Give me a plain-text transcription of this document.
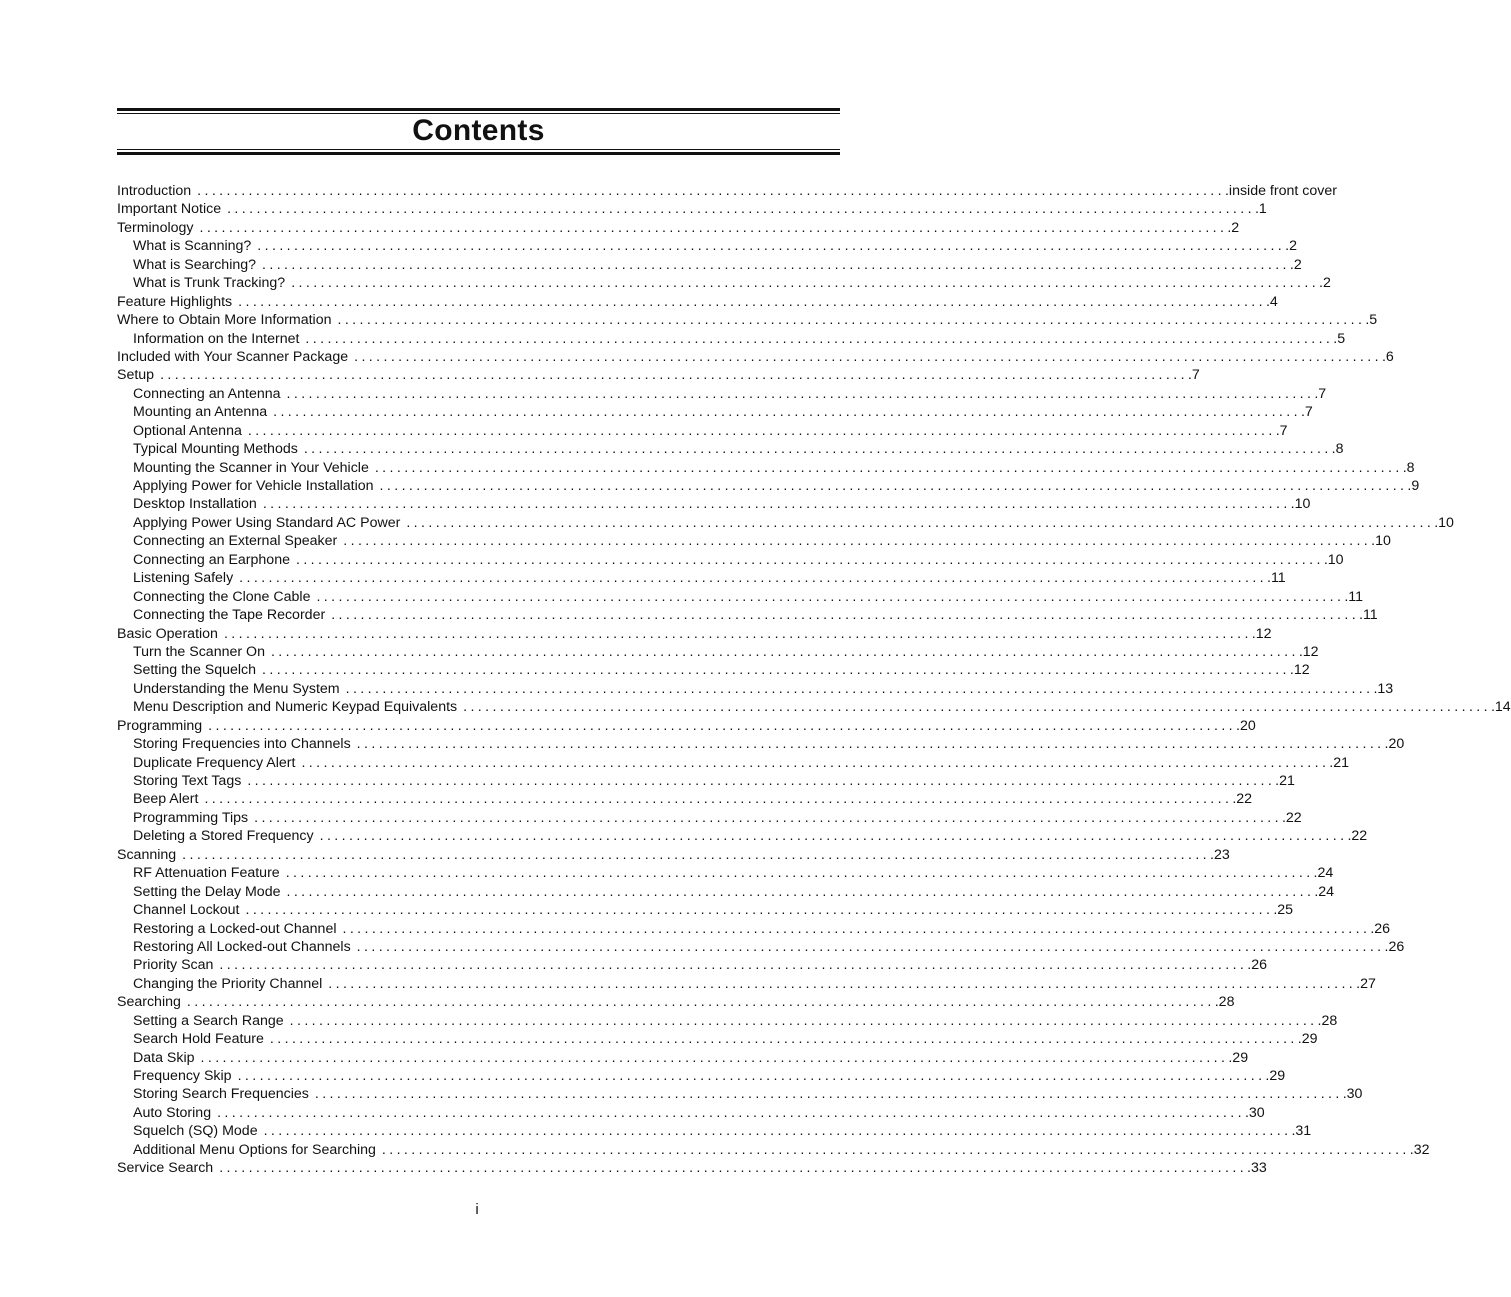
Contents
Introduction ............................................................................................................................................ .inside front cover
Important Notice ............................................................................................................................................ .1
Terminology ............................................................................................................................................ .2
What is Scanning? ............................................................................................................................................ .2
What is Searching? ............................................................................................................................................ .2
What is Trunk Tracking? ............................................................................................................................................ .2
Feature Highlights ............................................................................................................................................ .4
Where to Obtain More Information ............................................................................................................................................ .5
Information on the Internet ............................................................................................................................................ .5
Included with Your Scanner Package ............................................................................................................................................ .6
Setup ............................................................................................................................................ .7
Connecting an Antenna ............................................................................................................................................ .7
Mounting an Antenna ............................................................................................................................................ .7
Optional Antenna ............................................................................................................................................ .7
Typical Mounting Methods ............................................................................................................................................ .8
Mounting the Scanner in Your Vehicle ............................................................................................................................................ .8
Applying Power for Vehicle Installation ............................................................................................................................................ .9
Desktop Installation ............................................................................................................................................ .10
Applying Power Using Standard AC Power ............................................................................................................................................ .10
Connecting an External Speaker ............................................................................................................................................ .10
Connecting an Earphone ............................................................................................................................................ .10
Listening Safely ............................................................................................................................................ .11
Connecting the Clone Cable ............................................................................................................................................ .11
Connecting the Tape Recorder ............................................................................................................................................ .11
Basic Operation ............................................................................................................................................ .12
Turn the Scanner On ............................................................................................................................................ .12
Setting the Squelch ............................................................................................................................................ .12
Understanding the Menu System ............................................................................................................................................ .13
Menu Description and Numeric Keypad Equivalents ............................................................................................................................................ .14
Programming ............................................................................................................................................ .20
Storing Frequencies into Channels ............................................................................................................................................ .20
Duplicate Frequency Alert ............................................................................................................................................ .21
Storing Text Tags ............................................................................................................................................ .21
Beep Alert ............................................................................................................................................ .22
Programming Tips ............................................................................................................................................ .22
Deleting a Stored Frequency ............................................................................................................................................ .22
Scanning ............................................................................................................................................ .23
RF Attenuation Feature ............................................................................................................................................ .24
Setting the Delay Mode ............................................................................................................................................ .24
Channel Lockout ............................................................................................................................................ .25
Restoring a Locked-out Channel ............................................................................................................................................ .26
Restoring All Locked-out Channels ............................................................................................................................................ .26
Priority Scan ............................................................................................................................................ .26
Changing the Priority Channel ............................................................................................................................................ .27
Searching ............................................................................................................................................ .28
Setting a Search Range ............................................................................................................................................ .28
Search Hold Feature ............................................................................................................................................ .29
Data Skip ............................................................................................................................................ .29
Frequency Skip ............................................................................................................................................ .29
Storing Search Frequencies ............................................................................................................................................ .30
Auto Storing ............................................................................................................................................ .30
Squelch (SQ) Mode ............................................................................................................................................ .31
Additional Menu Options for Searching ............................................................................................................................................ .32
Service Search ............................................................................................................................................ .33
i
